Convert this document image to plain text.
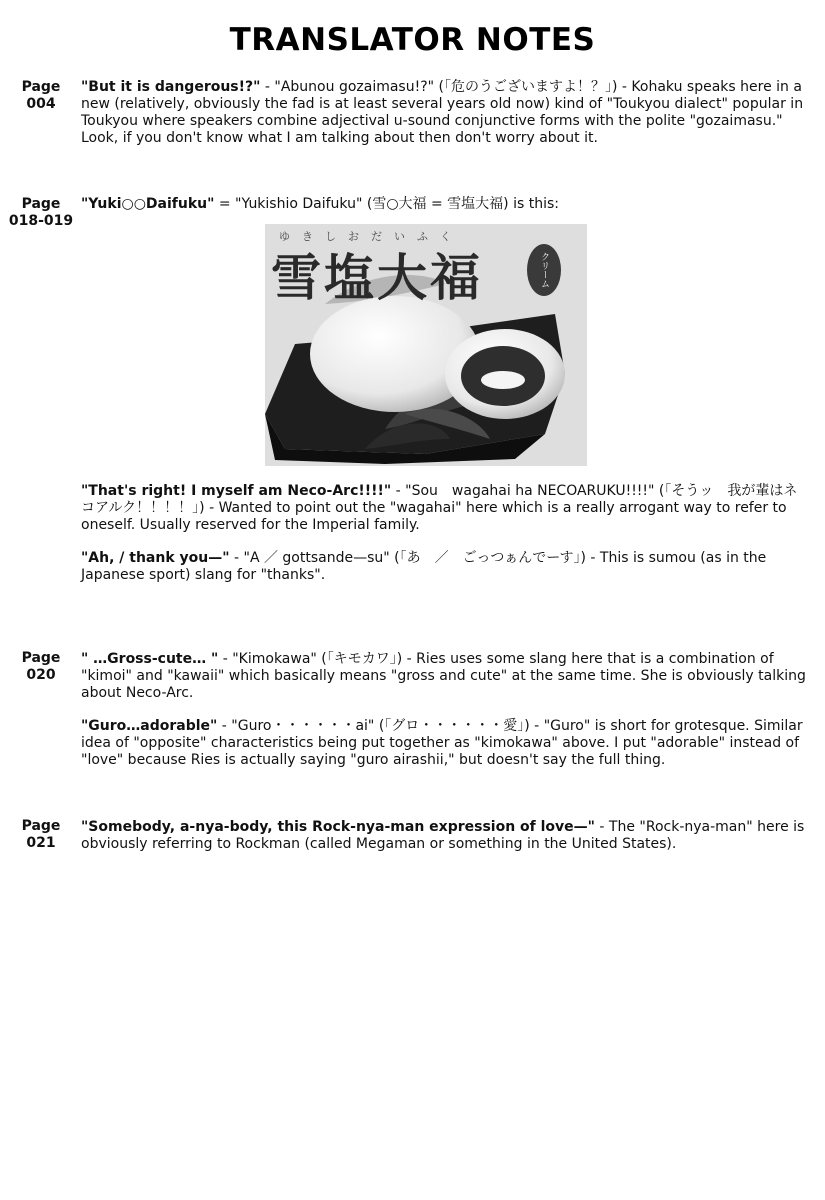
TRANSLATOR NOTES
Page
004
"But it is dangerous!?" - "Abunou gozaimasu!?" (「危のうございますよ！？」) - Kohaku speaks here in a new (relatively, obviously the fad is at least several years old now) kind of "Toukyou dialect" popular in Toukyou where speakers combine adjectival u-sound conjunctive forms with the polite "gozaimasu." Look, if you don't know what I am talking about then don't worry about it.
Page
018-019
"Yuki○○Daifuku" = "Yukishio Daifuku" (雪○大福 = 雪塩大福) is this:
ゆきしおだいふく
雪塩大福	クリーム
"That's right! I myself am Neco-Arc!!!!" - "Sou　wagahai ha NECOARUKU!!!!" (「そうッ　我が輩はネコアルク！！！！」) - Wanted to point out the "wagahai" here which is a really arrogant way to refer to oneself. Usually reserved for the Imperial family.
"Ah, / thank you—" - "A ／ gottsande—su" (「あ　／　ごっつぁんでーす」) - This is sumou (as in the Japanese sport) slang for "thanks".
Page
020
" …Gross-cute… " - "Kimokawa" (「キモカワ」) - Ries uses some slang here that is a combination of "kimoi" and "kawaii" which basically means "gross and cute" at the same time. She is obviously talking about Neco-Arc.
"Guro…adorable" - "Guro・・・・・・ai" (「グロ・・・・・・愛」) - "Guro" is short for grotesque. Similar idea of "opposite" characteristics being put together as "kimokawa" above. I put "adorable" instead of "love" because Ries is actually saying "guro airashii," but doesn't say the full thing.
Page
021
"Somebody, a-nya-body, this Rock-nya-man expression of love—" - The "Rock-nya-man" here is obviously referring to Rockman (called Megaman or something in the United States).
